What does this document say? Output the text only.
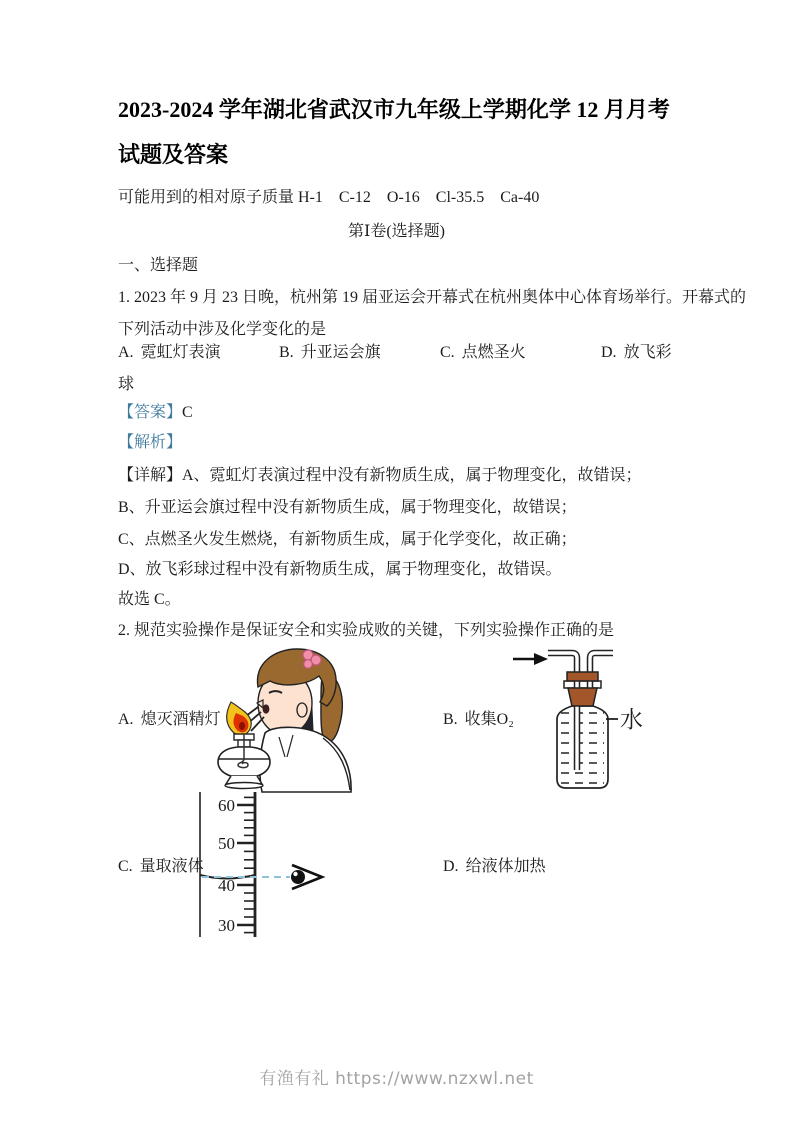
2023-2024 学年湖北省武汉市九年级上学期化学 12 月月考
试题及答案
可能用到的相对原子质量 H-1　C-12　O-16　Cl-35.5　Ca-40
第Ⅰ卷(选择题)
一、选择题
1. 2023 年 9 月 23 日晚，杭州第 19 届亚运会开幕式在杭州奥体中心体育场举行。开幕式的
下列活动中涉及化学变化的是
A. 霓虹灯表演	B. 升亚运会旗	C. 点燃圣火	D. 放飞彩球
【答案】C
【解析】
【详解】A、霓虹灯表演过程中没有新物质生成，属于物理变化，故错误；
B、升亚运会旗过程中没有新物质生成，属于物理变化，故错误；
C、点燃圣火发生燃烧，有新物质生成，属于化学变化，故正确；
D、放飞彩球过程中没有新物质生成，属于物理变化，故错误。
故选 C。
2. 规范实验操作是保证安全和实验成败的关键，下列实验操作正确的是
A. 熄灭酒精灯	B. 收集O₂
C. 量取液体	D. 给液体加热
水
60
50
40
30
有渔有礼 https://www.nzxwl.net
